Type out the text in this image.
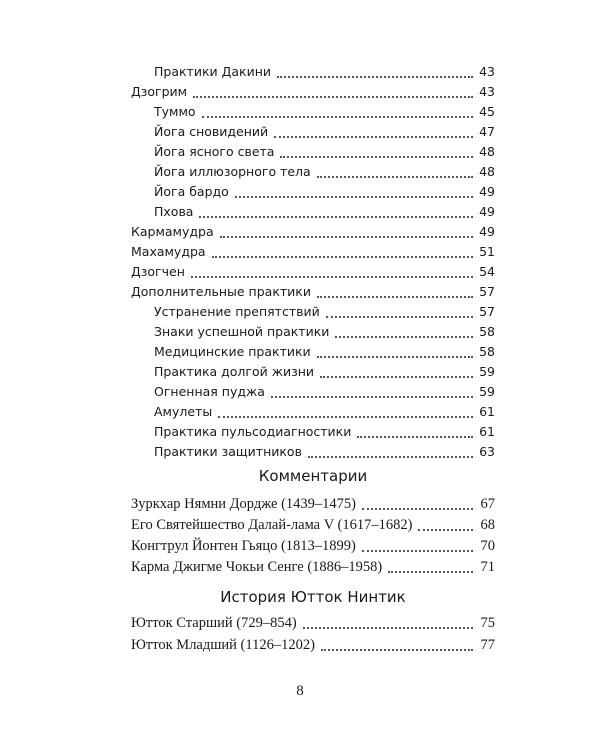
Практики Дакини	43
Дзогрим	43
Туммо	45
Йога сновидений	47
Йога ясного света	48
Йога иллюзорного тела	48
Йога бардо	49
Пхова	49
Кармамудра	49
Махамудра	51
Дзогчен	54
Дополнительные практики	57
Устранение препятствий	57
Знаки успешной практики	58
Медицинские практики	58
Практика долгой жизни	59
Огненная пуджа	59
Амулеты	61
Практика пульсодиагностики	61
Практики защитников	63
Комментарии
Зуркхар Нямни Дордже (1439–1475)	67
Его Святейшество Далай-лама V (1617–1682)	68
Конгтрул Йонтен Гьяцо (1813–1899)	70
Карма Джигме Чокьи Сенге (1886–1958)	71
История Ютток Нинтик
Ютток Старший (729–854)	75
Ютток Младший (1126–1202)	77
8
